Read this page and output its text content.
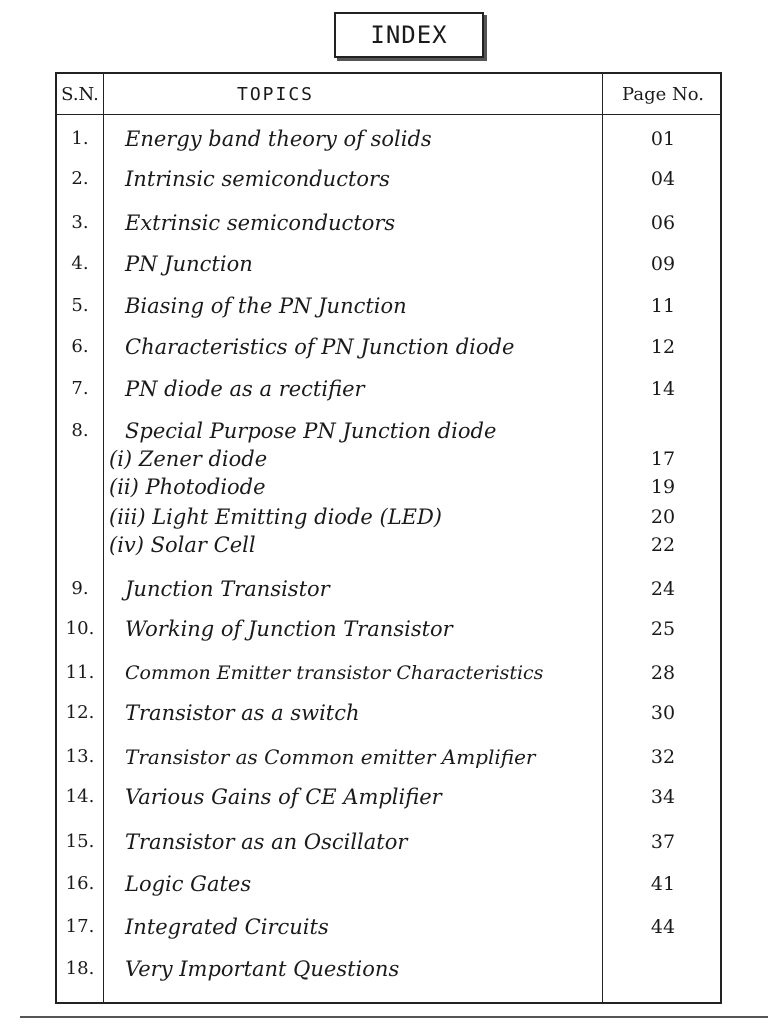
INDEX
S.N.	TOPICS	Page No.
1.	Energy band theory of solids	01
2.	Intrinsic semiconductors	04
3.	Extrinsic semiconductors	06
4.	PN Junction	09
5.	Biasing of the PN Junction	11
6.	Characteristics of PN Junction diode	12
7.	PN diode as a rectifier	14
8.	Special Purpose PN Junction diode
(i) Zener diode	17
(ii) Photodiode	19
(iii) Light Emitting diode (LED)	20
(iv) Solar Cell	22
9.	Junction Transistor	24
10.	Working of Junction Transistor	25
11.	Common Emitter transistor Characteristics	28
12.	Transistor as a switch	30
13.	Transistor as Common emitter Amplifier	32
14.	Various Gains of CE Amplifier	34
15.	Transistor as an Oscillator	37
16.	Logic Gates	41
17.	Integrated Circuits	44
18.	Very Important Questions
